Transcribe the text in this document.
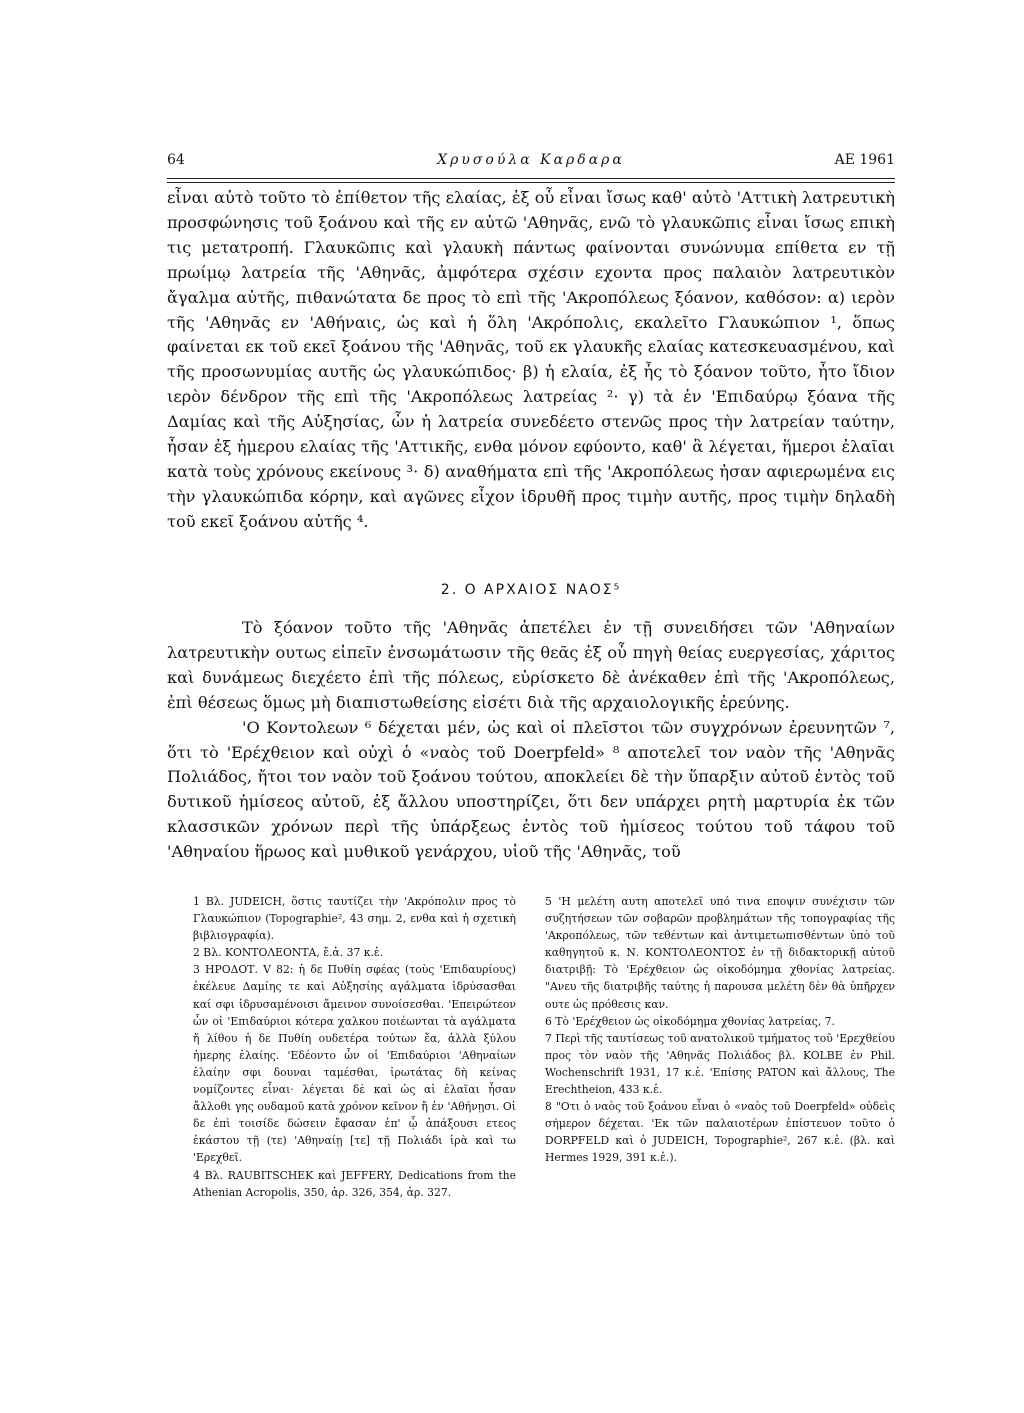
64	Χρυσούλα Καρδαρα	ΑΕ 1961

εἶναι αὐτὸ τοῦτο τὸ ἐπίθετον τῆς ελαίας, ἐξ οὗ εἶναι ἴσως καθ' αὐτὸ 'Αττικὴ λατρευτικὴ προσφώνησις τοῦ ξοάνου καὶ τῆς εν αὐτῶ 'Αθηνᾶς, ενῶ τὸ γλαυκῶπις εἶναι ἴσως επικὴ τις μετατροπή. Γλαυκῶπις καὶ γλαυκὴ πάντως φαίνονται συνώνυμα επίθετα εν τῇ πρωίμῳ λατρεία τῆς 'Αθηνᾶς, ἀμφότερα σχέσιν εχοντα προς παλαιὸν λατρευτικὸν ἄγαλμα αὐτῆς, πιθανώτατα δε προς τὸ επὶ τῆς 'Ακροπόλεως ξόανον, καθόσον: α) ιερὸν τῆς 'Αθηνᾶς εν 'Αθήναις, ὡς καὶ ἡ ὅλη 'Ακρόπολις, εκαλεῖτο Γλαυκώπιον ¹, ὅπως φαίνεται εκ τοῦ εκεῖ ξοάνου τῆς 'Αθηνᾶς, τοῦ εκ γλαυκῆς ελαίας κατεσκευασμένου, καὶ τῆς προσωνυμίας αυτῆς ὡς γλαυκώπιδος· β) ἡ ελαία, ἐξ ἧς τὸ ξόανον τοῦτο, ἦτο ἴδιον ιερὸν δένδρον τῆς επὶ τῆς 'Ακροπόλεως λατρείας ²· γ) τὰ ἐν 'Επιδαύρῳ ξόανα τῆς Δαμίας καὶ τῆς Αὐξησίας, ὧν ἡ λατρεία συνεδέετο στενῶς προς τὴν λατρείαν ταύτην, ἦσαν ἐξ ἡμερου ελαίας τῆς 'Αττικῆς, ενθα μόνον εφύοντο, καθ' ἃ λέγεται, ἥμεροι ἐλαῖαι κατὰ τοὺς χρόνους εκείνους ³· δ) αναθήματα επὶ τῆς 'Ακροπόλεως ἠσαν αφιερωμένα εις τὴν γλαυκώπιδα κόρην, καὶ αγῶνες εἶχον ἱδρυθῆ προς τιμὴν αυτῆς, προς τιμὴν δηλαδὴ τοῦ εκεῖ ξοάνου αὐτῆς ⁴.

2. Ο ΑΡΧΑΙΟΣ ΝΑΟΣ⁵

Τὸ ξόανον τοῦτο τῆς 'Αθηνᾶς ἀπετέλει ἐν τῇ συνειδήσει τῶν 'Αθηναίων λατρευτικὴν ουτως εἰπεῖν ἐνσωμάτωσιν τῆς θεᾶς ἐξ οὗ πηγὴ θείας ευεργεσίας, χάριτος καὶ δυνάμεως διεχέετο ἐπὶ τῆς πόλεως, εὑρίσκετο δὲ ἀνέκαθεν ἐπὶ τῆς 'Ακροπόλεως, ἐπὶ θέσεως ὅμως μὴ διαπιστωθείσης εἰσέτι διὰ τῆς αρχαιολογικῆς ἐρεύνης.

'Ο Κοντολεων ⁶ δέχεται μέν, ὡς καὶ οἱ πλεῖστοι τῶν συγχρόνων ἐρευνητῶν ⁷, ὅτι τὸ 'Ερέχθειον καὶ οὐχὶ ὁ «ναὸς τοῦ Doerpfeld» ⁸ αποτελεῖ τον ναὸν τῆς 'Αθηνᾶς Πολιάδος, ἤτοι τον ναὸν τοῦ ξοάνου τούτου, αποκλείει δὲ τὴν ὕπαρξιν αὐτοῦ ἐντὸς τοῦ δυτικοῦ ἡμίσεος αὐτοῦ, ἐξ ἄλλου υποστηρίζει, ὅτι δεν υπάρχει ρητὴ μαρτυρία ἐκ τῶν κλασσικῶν χρόνων περὶ τῆς ὑπάρξεως ἐντὸς τοῦ ἡμίσεος τούτου τοῦ τάφου τοῦ 'Αθηναίου ἥρωος καὶ μυθικοῦ γενάρχου, υἱοῦ τῆς 'Αθηνᾶς, τοῦ

1 Βλ. JUDEICH, ὅστις ταυτίζει τὴν 'Ακρόπολιν προς τὸ Γλαυκώπιον (Topographie², 43 σημ. 2, ενθα καὶ ἡ σχετικὴ βιβλιογραφία).

2 Βλ. ΚΟΝΤΟΛΕΟΝΤΑ, ἔ.ἀ. 37 κ.ἑ.

3 ΗΡΟΔΟΤ. V 82: ἡ δε Πυθίη σφέας (τοὺς 'Επιδαυρίους) ἐκέλευε Δαμίης τε καὶ Αὐξησίης αγάλματα ἱδρύσασθαι καί σφι ἱδρυσαμένοισι ἄμεινον συνοίσεσθαι. 'Επειρώτεον ὦν οἱ 'Επιδαύριοι κότερα χαλκου ποιέωνται τὰ αγάλματα ἤ λίθου ἡ δε Πυθίη ουδετέρα τούτων ἔα, ἀλλὰ ξύλου ἡμερης ἐλαίης. 'Εδέοντο ὦν οἱ 'Επιδαύριοι 'Αθηναίων ἐλαίην σφι δουναι ταμέσθαι, ἱρωτάτας δὴ κείνας νομίζοντες εἶναι· λέγεται δὲ καὶ ὡς αἱ ἐλαῖαι ἦσαν ἄλλοθι γης ουδαμοῦ κατὰ χρόνον κεῖνον ἤ ἐν 'Αθήνῃσι. Οἱ δε ἐπὶ τοισίδε δώσειν ἔφασαν ἐπ' ᾧ ἀπάξουσι ετεος ἑκάστου τῇ (τε) 'Αθηναίῃ [τε] τῇ Πολιάδι ἱρὰ καὶ τω 'Ερεχθεῖ.

4 Βλ. RAUBITSCHEK καὶ JEFFERY, Dedications from the Athenian Acropolis, 350, ἀρ. 326, 354, ἀρ. 327.

5 'Η μελέτη αυτη αποτελεῖ υπό τινα επoψιν συνέχισιν τῶν συζητήσεων τῶν σοβαρῶν προβλημάτων τῆς τοπογραφίας τῆς 'Ακροπόλεως, τῶν τεθέντων καὶ ἀντιμετωπισθέντων ὑπὸ τοῦ καθηγητοῦ κ. Ν. ΚΟΝΤΟΛΕΟΝΤΟΣ ἐν τῇ διδακτορικῇ αὐτοῦ διατριβῇ: Τὸ 'Ερέχθειον ὡς οἰκοδόμημα χθονίας λατρείας. "Ανευ τῆς διατριβῆς ταύτης ἡ παρουσα μελέτη δὲν θὰ ὑπῆρχεν ουτε ὡς πρόθεσις καν.

6 Τὸ 'Ερέχθειον ὡς οἰκοδόμημα χθονίας λατρείας, 7.

7 Περὶ τῆς ταυτίσεως τοῦ ανατολικοῦ τμήματος τοῦ 'Ερεχθείου προς τὸν ναὸν τῆς 'Αθηνᾶς Πολιάδος βλ. KOLBE ἐν Phil. Wochenschrift 1931, 17 κ.ἑ. 'Επίσης PATON καὶ ἄλλους, The Erechtheion, 433 κ.ἑ.

8 "Οτι ὁ ναὸς τοῦ ξοάνου εἶναι ὁ «ναὸς τοῦ Doerpfeld» οὐδεὶς σήμερον δέχεται. 'Εκ τῶν παλαιοτέρων ἐπίστευον τοῦτο ὁ DORPFELD καὶ ὁ JUDEICH, Topographie², 267 κ.ἑ. (βλ. καὶ Hermes 1929, 391 κ.ἑ.).
